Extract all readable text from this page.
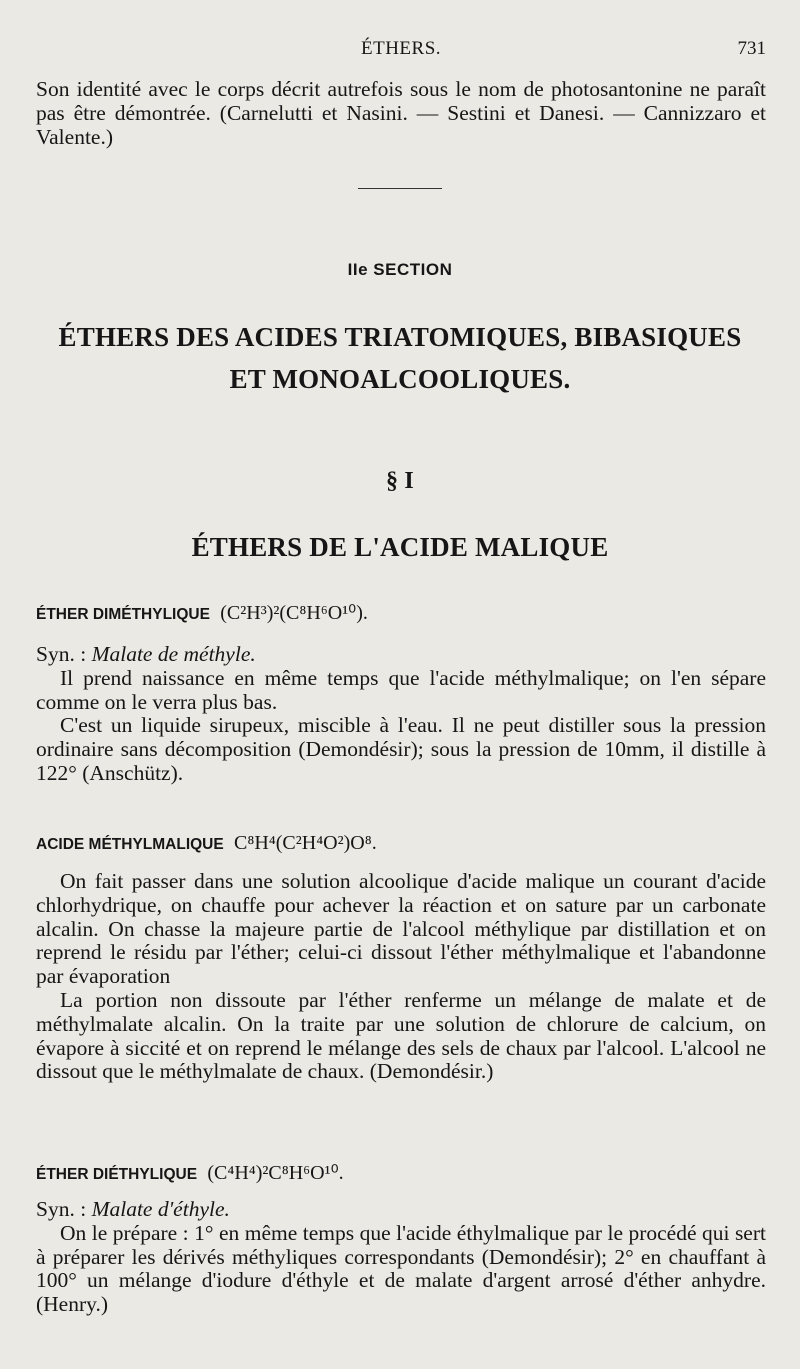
ÉTHERS.	731

Son identité avec le corps décrit autrefois sous le nom de photosantonine ne paraît pas être démontrée. (Carnelutti et Nasini. — Sestini et Danesi. — Cannizzaro et Valente.)

IIe SECTION
ÉTHERS DES ACIDES TRIATOMIQUES, BIBASIQUES
ET MONOALCOOLIQUES.
§ I
ÉTHERS DE L'ACIDE MALIQUE
ÉTHER DIMÉTHYLIQUE (C²H³)²(C⁸H⁶O¹⁰).

Syn. : Malate de méthyle.

Il prend naissance en même temps que l'acide méthylmalique; on l'en sépare comme on le verra plus bas.

C'est un liquide sirupeux, miscible à l'eau. Il ne peut distiller sous la pression ordinaire sans décomposition (Demondésir); sous la pression de 10mm, il distille à 122° (Anschütz).

ACIDE MÉTHYLMALIQUE C⁸H⁴(C²H⁴O²)O⁸.

On fait passer dans une solution alcoolique d'acide malique un courant d'acide chlorhydrique, on chauffe pour achever la réaction et on sature par un carbonate alcalin. On chasse la majeure partie de l'alcool méthylique par distillation et on reprend le résidu par l'éther; celui-ci dissout l'éther méthylmalique et l'abandonne par évaporation

La portion non dissoute par l'éther renferme un mélange de malate et de méthylmalate alcalin. On la traite par une solution de chlorure de calcium, on évapore à siccité et on reprend le mélange des sels de chaux par l'alcool. L'alcool ne dissout que le méthylmalate de chaux. (Demondésir.)

ÉTHER DIÉTHYLIQUE (C⁴H⁴)²C⁸H⁶O¹⁰.

Syn. : Malate d'éthyle.

On le prépare : 1° en même temps que l'acide éthylmalique par le procédé qui sert à préparer les dérivés méthyliques correspondants (Demondésir); 2° en chauffant à 100° un mélange d'iodure d'éthyle et de malate d'argent arrosé d'éther anhydre. (Henry.)
